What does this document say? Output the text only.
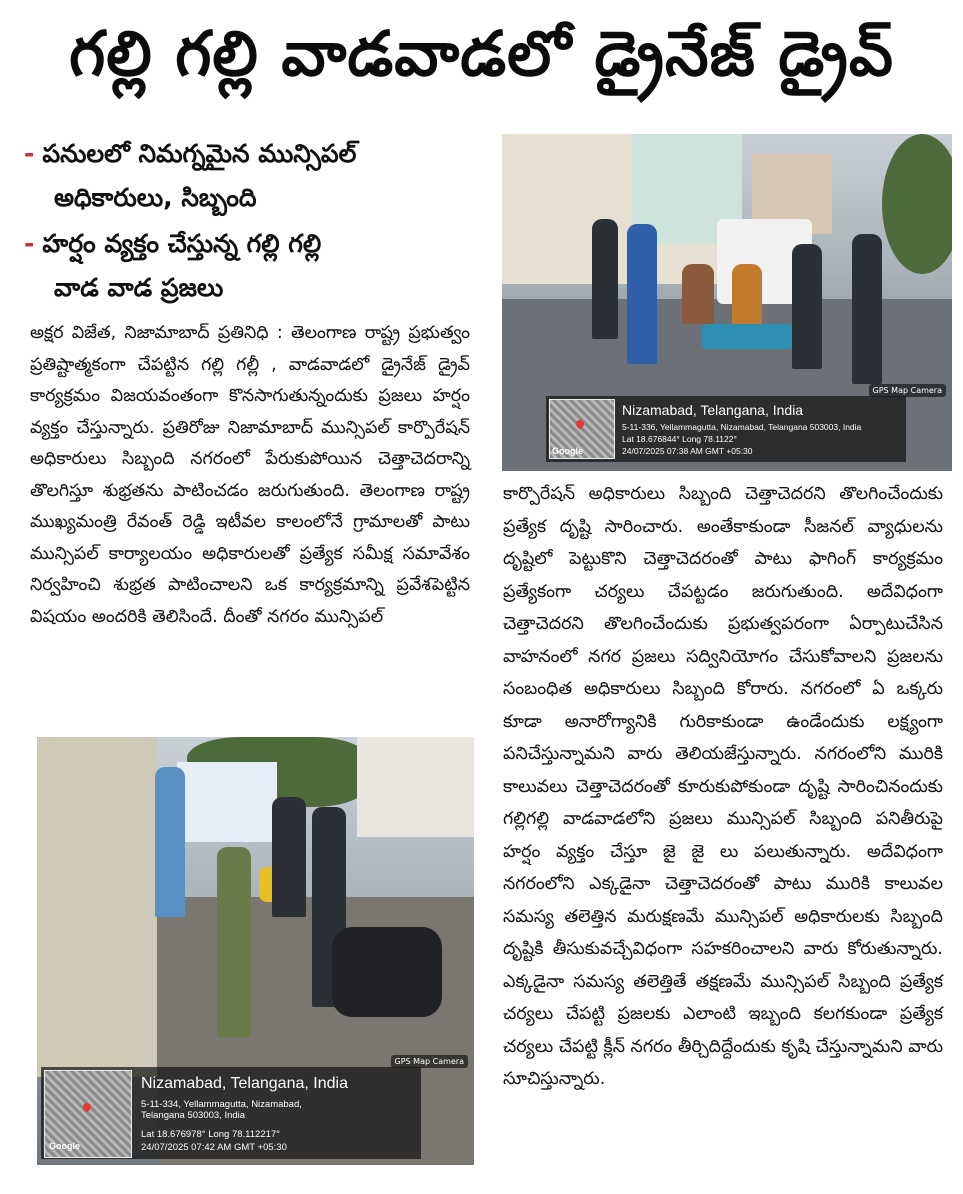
గల్లి గల్లి వాడవాడలో డ్రైనేజ్ డ్రైవ్
- పనులలో నిమగ్నమైన మున్సిపల్
అధికారులు, సిబ్బంది
- హర్షం వ్యక్తం చేస్తున్న గల్లి గల్లి
వాడ వాడ ప్రజలు
అక్షర విజేత, నిజామాబాద్ ప్రతినిధి : తెలంగాణ రాష్ట్ర ప్రభుత్వం ప్రతిష్టాత్మకంగా చేపట్టిన గల్లి గల్లీ , వాడవాడలో డ్రైనేజ్ డ్రైవ్ కార్యక్రమం విజయవంతంగా కొనసాగుతున్నందుకు ప్రజలు హర్షం వ్యక్తం చేస్తున్నారు. ప్రతిరోజు నిజామాబాద్ మున్సిపల్ కార్పొరేషన్ అధికారులు సిబ్బంది నగరంలో పేరుకుపోయిన చెత్తాచెదరాన్ని తొలగిస్తూ శుభ్రతను పాటించడం జరుగుతుంది. తెలంగాణ రాష్ట్ర ముఖ్యమంత్రి రేవంత్ రెడ్డి ఇటీవల కాలంలోనే గ్రామాలతో పాటు మున్సిపల్ కార్యాలయం అధికారులతో ప్రత్యేక సమీక్ష సమావేశం నిర్వహించి శుభ్రత పాటించాలని ఒక కార్యక్రమాన్ని ప్రవేశపెట్టిన విషయం అందరికి తెలిసిందే. దీంతో నగరం మున్సిపల్
GPS Map Camera
Google
Nizamabad, Telangana, India
5-11-336, Yellammagutta, Nizamabad, Telangana 503003, India
Lat 18.676844° Long 78.1122°
24/07/2025 07:38 AM GMT +05:30
GPS Map Camera
Google
Nizamabad, Telangana, India
5-11-334, Yellammagutta, Nizamabad, Telangana 503003, India
Lat 18.676978° Long 78.112217°
24/07/2025 07:42 AM GMT +05:30
కార్పొరేషన్ అధికారులు సిబ్బంది చెత్తాచెదరని తొలగించేందుకు ప్రత్యేక దృష్టి సారించారు. అంతేకాకుండా సీజనల్ వ్యాధులను దృష్టిలో పెట్టుకొని చెత్తాచెదరంతో పాటు ఫాగింగ్ కార్యక్రమం ప్రత్యేకంగా చర్యలు చేపట్టడం జరుగుతుంది. అదేవిధంగా చెత్తాచెదరని తొలగించేందుకు ప్రభుత్వపరంగా ఏర్పాటుచేసిన వాహనంలో నగర ప్రజలు సద్వినియోగం చేసుకోవాలని ప్రజలను సంబంధిత అధికారులు సిబ్బంది కోరారు. నగరంలో ఏ ఒక్కరు కూడా అనారోగ్యానికి గురికాకుండా ఉండేందుకు లక్ష్యంగా పనిచేస్తున్నామని వారు తెలియజేస్తున్నారు. నగరంలోని మురికి కాలువలు చెత్తాచెదరంతో కూరుకుపోకుండా దృష్టి సారించినందుకు గల్లిగల్లి వాడవాడలోని ప్రజలు మున్సిపల్ సిబ్బంది పనితీరుపై హర్షం వ్యక్తం చేస్తూ జై జై లు పలుతున్నారు. అదేవిధంగా నగరంలోని ఎక్కడైనా చెత్తాచెదరంతో పాటు మురికి కాలువల సమస్య తలెత్తిన మరుక్షణమే మున్సిపల్ అధికారులకు సిబ్బంది దృష్టికి తీసుకువచ్చేవిధంగా సహకరించాలని వారు కోరుతున్నారు. ఎక్కడైనా సమస్య తలెత్తితే తక్షణమే మున్సిపల్ సిబ్బంది ప్రత్యేక చర్యలు చేపట్టి ప్రజలకు ఎలాంటి ఇబ్బంది కలగకుండా ప్రత్యేక చర్యలు చేపట్టి క్లీన్ నగరం తీర్చిదిద్దేందుకు కృషి చేస్తున్నామని వారు సూచిస్తున్నారు.
